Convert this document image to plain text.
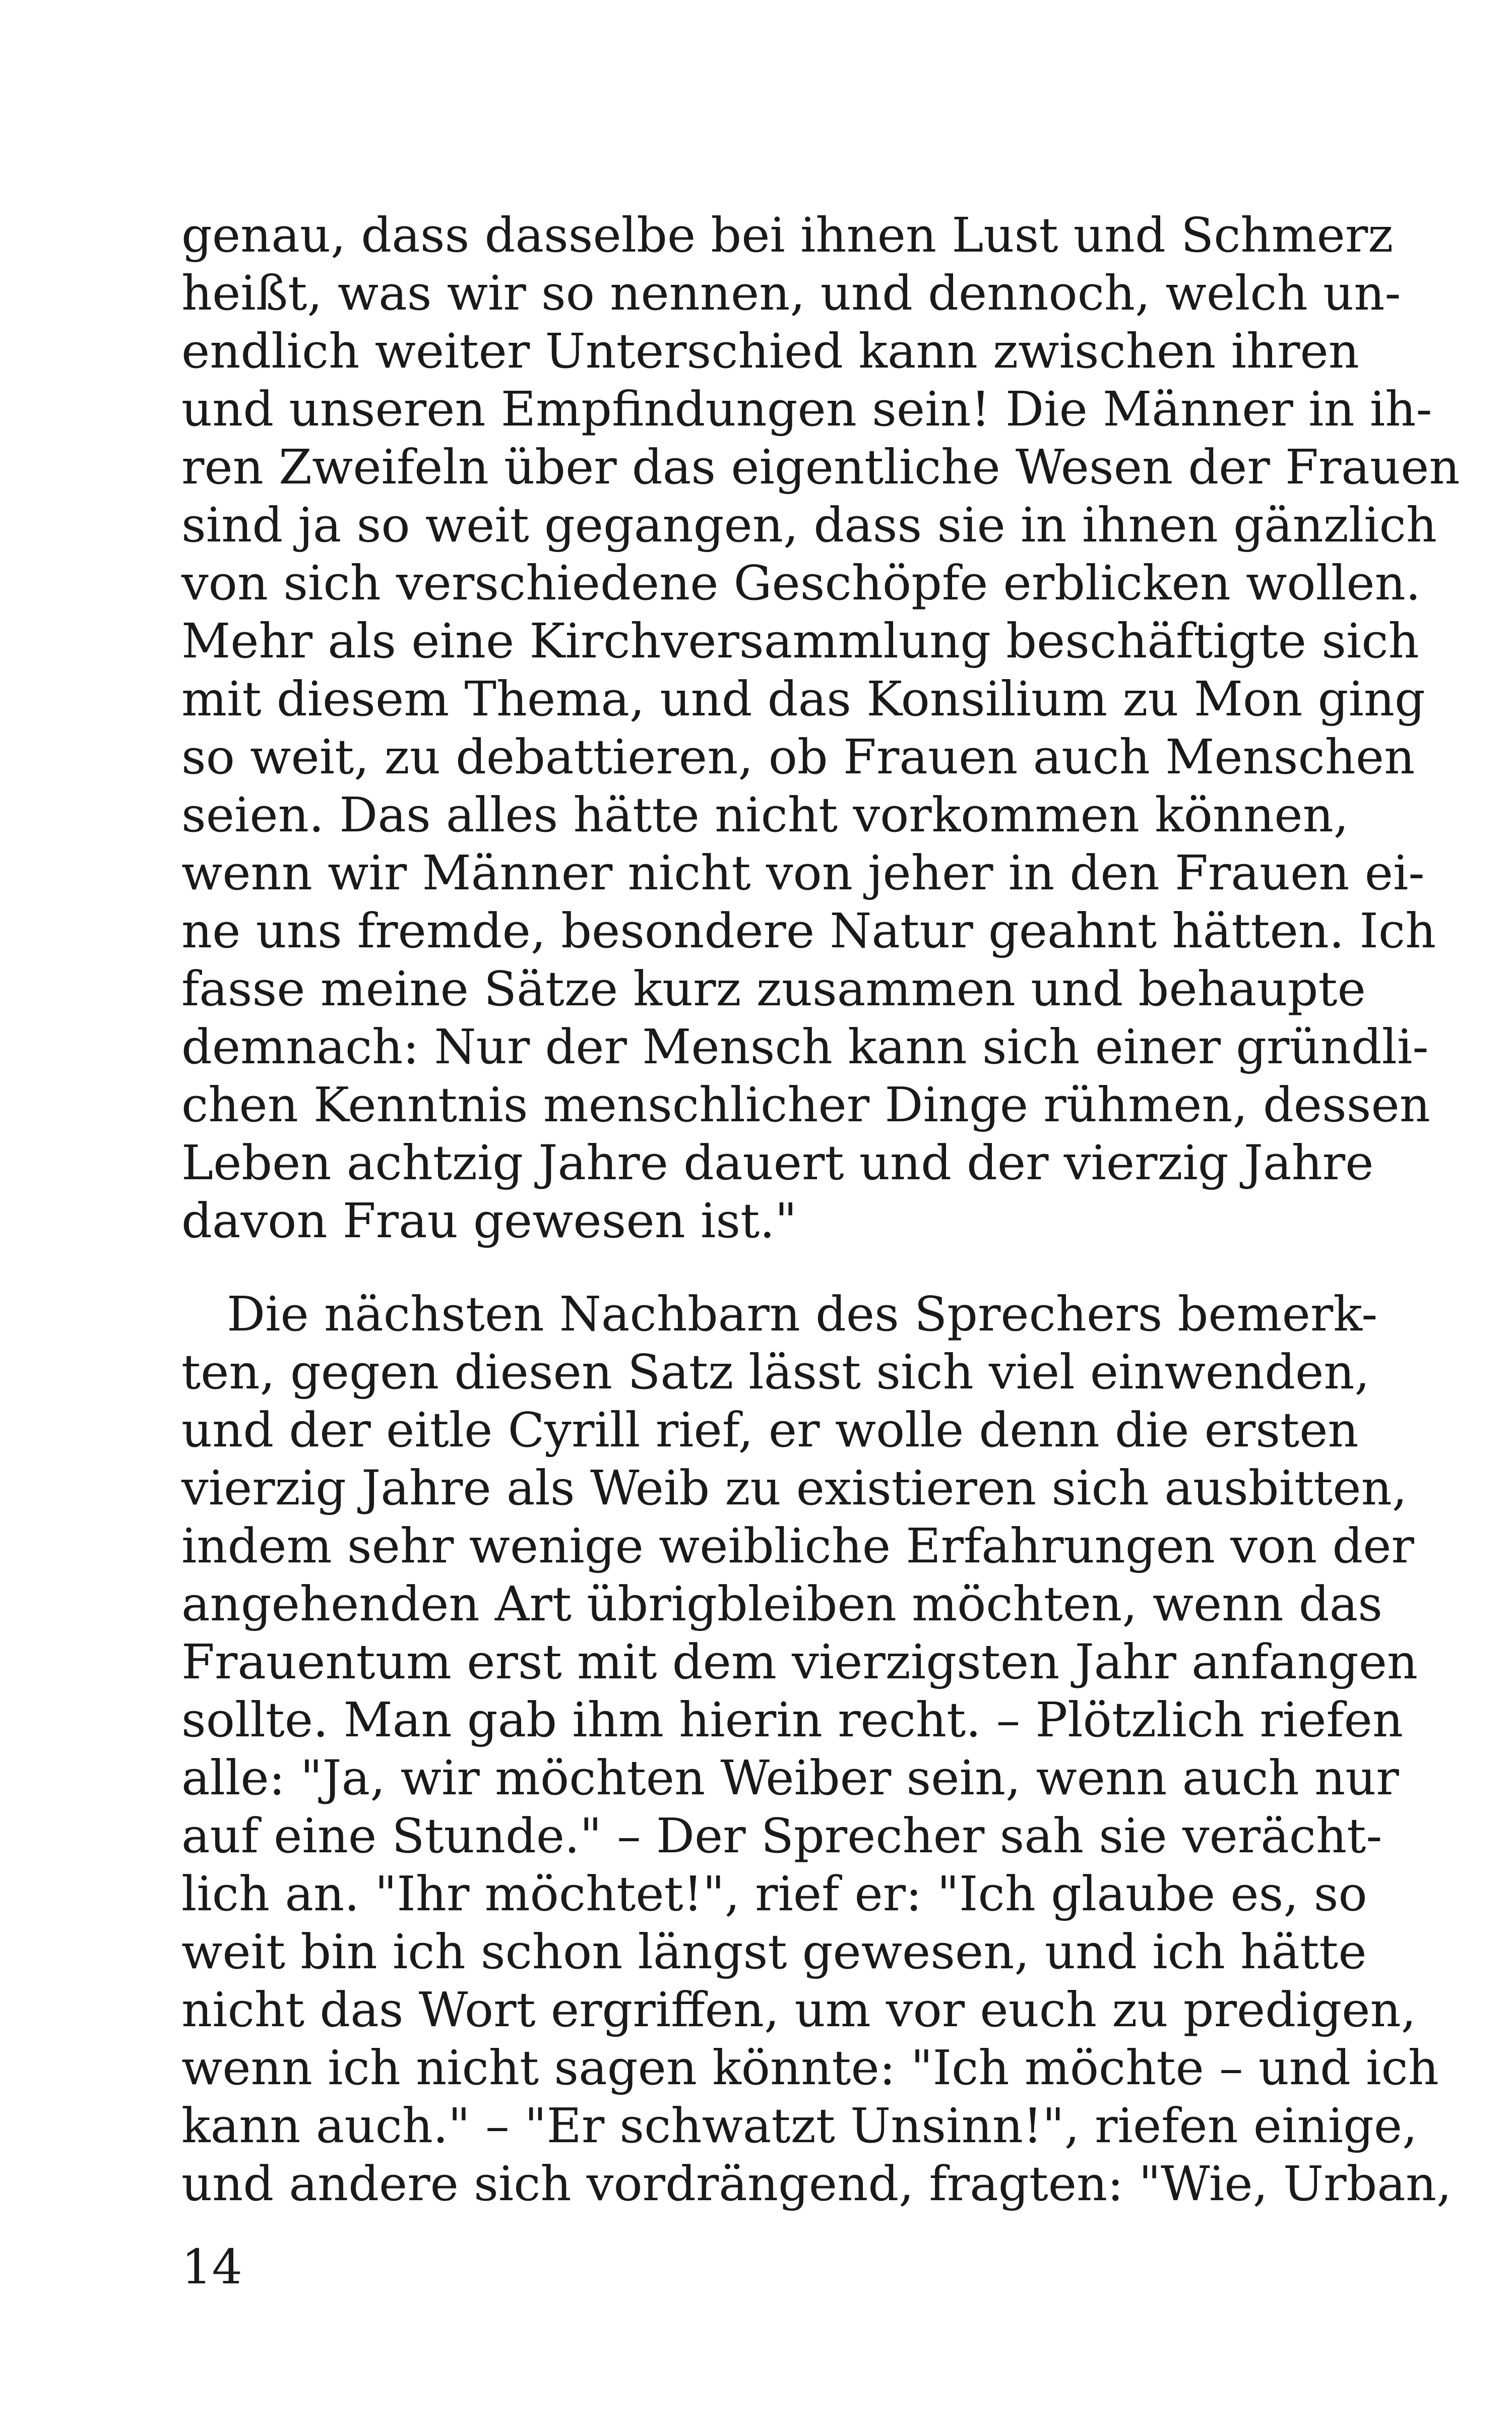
genau, dass dasselbe bei ihnen Lust und Schmerz
heißt, was wir so nennen, und dennoch, welch un-
endlich weiter Unterschied kann zwischen ihren
und unseren Empfindungen sein! Die Männer in ih-
ren Zweifeln über das eigentliche Wesen der Frauen
sind ja so weit gegangen, dass sie in ihnen gänzlich
von sich verschiedene Geschöpfe erblicken wollen.
Mehr als eine Kirchversammlung beschäftigte sich
mit diesem Thema, und das Konsilium zu Mon ging
so weit, zu debattieren, ob Frauen auch Menschen
seien. Das alles hätte nicht vorkommen können,
wenn wir Männer nicht von jeher in den Frauen ei-
ne uns fremde, besondere Natur geahnt hätten. Ich
fasse meine Sätze kurz zusammen und behaupte
demnach: Nur der Mensch kann sich einer gründli-
chen Kenntnis menschlicher Dinge rühmen, dessen
Leben achtzig Jahre dauert und der vierzig Jahre
davon Frau gewesen ist."
Die nächsten Nachbarn des Sprechers bemerk-
ten, gegen diesen Satz lässt sich viel einwenden,
und der eitle Cyrill rief, er wolle denn die ersten
vierzig Jahre als Weib zu existieren sich ausbitten,
indem sehr wenige weibliche Erfahrungen von der
angehenden Art übrigbleiben möchten, wenn das
Frauentum erst mit dem vierzigsten Jahr anfangen
sollte. Man gab ihm hierin recht. – Plötzlich riefen
alle: "Ja, wir möchten Weiber sein, wenn auch nur
auf eine Stunde." – Der Sprecher sah sie verächt-
lich an. "Ihr möchtet!", rief er: "Ich glaube es, so
weit bin ich schon längst gewesen, und ich hätte
nicht das Wort ergriffen, um vor euch zu predigen,
wenn ich nicht sagen könnte: "Ich möchte – und ich
kann auch." – "Er schwatzt Unsinn!", riefen einige,
und andere sich vordrängend, fragten: "Wie, Urban,
14
